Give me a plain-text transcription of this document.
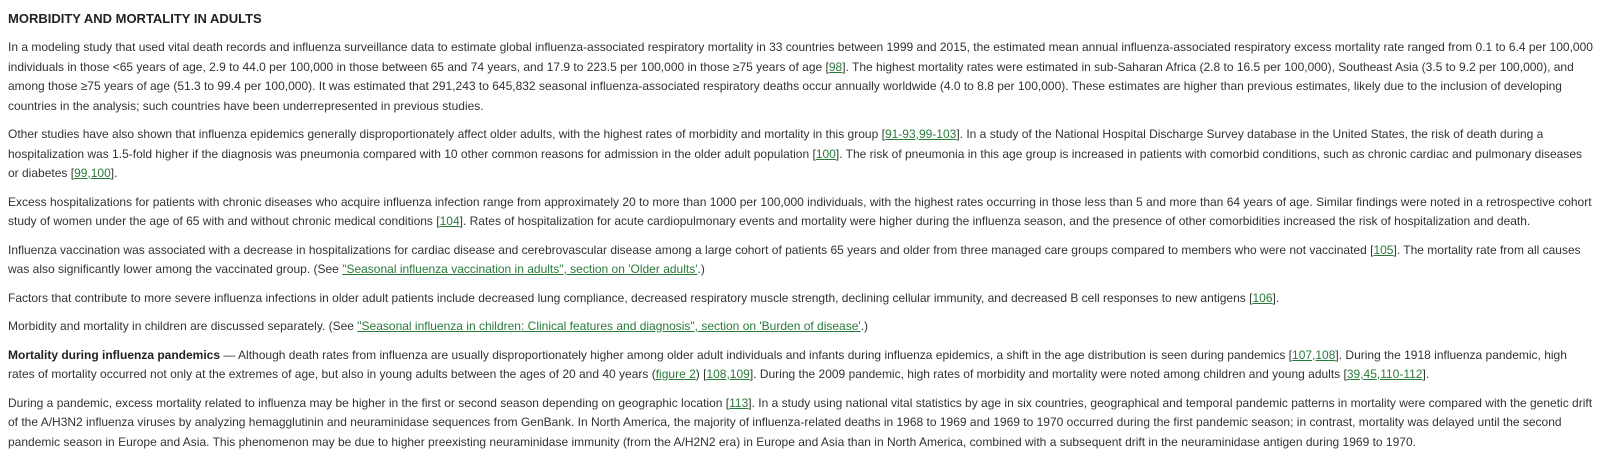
MORBIDITY AND MORTALITY IN ADULTS

In a modeling study that used vital death records and influenza surveillance data to estimate global influenza-associated respiratory mortality in 33 countries between 1999 and 2015, the estimated mean annual influenza-associated respiratory excess mortality rate ranged from 0.1 to 6.4 per 100,000 individuals in those <65 years of age, 2.9 to 44.0 per 100,000 in those between 65 and 74 years, and 17.9 to 223.5 per 100,000 in those ≥75 years of age [98]. The highest mortality rates were estimated in sub-Saharan Africa (2.8 to 16.5 per 100,000), Southeast Asia (3.5 to 9.2 per 100,000), and among those ≥75 years of age (51.3 to 99.4 per 100,000). It was estimated that 291,243 to 645,832 seasonal influenza-associated respiratory deaths occur annually worldwide (4.0 to 8.8 per 100,000). These estimates are higher than previous estimates, likely due to the inclusion of developing countries in the analysis; such countries have been underrepresented in previous studies.

Other studies have also shown that influenza epidemics generally disproportionately affect older adults, with the highest rates of morbidity and mortality in this group [91-93,99-103]. In a study of the National Hospital Discharge Survey database in the United States, the risk of death during a hospitalization was 1.5-fold higher if the diagnosis was pneumonia compared with 10 other common reasons for admission in the older adult population [100]. The risk of pneumonia in this age group is increased in patients with comorbid conditions, such as chronic cardiac and pulmonary diseases or diabetes [99,100].

Excess hospitalizations for patients with chronic diseases who acquire influenza infection range from approximately 20 to more than 1000 per 100,000 individuals, with the highest rates occurring in those less than 5 and more than 64 years of age. Similar findings were noted in a retrospective cohort study of women under the age of 65 with and without chronic medical conditions [104]. Rates of hospitalization for acute cardiopulmonary events and mortality were higher during the influenza season, and the presence of other comorbidities increased the risk of hospitalization and death.

Influenza vaccination was associated with a decrease in hospitalizations for cardiac disease and cerebrovascular disease among a large cohort of patients 65 years and older from three managed care groups compared to members who were not vaccinated [105]. The mortality rate from all causes was also significantly lower among the vaccinated group. (See "Seasonal influenza vaccination in adults", section on 'Older adults'.)

Factors that contribute to more severe influenza infections in older adult patients include decreased lung compliance, decreased respiratory muscle strength, declining cellular immunity, and decreased B cell responses to new antigens [106].

Morbidity and mortality in children are discussed separately. (See "Seasonal influenza in children: Clinical features and diagnosis", section on 'Burden of disease'.)

Mortality during influenza pandemics — Although death rates from influenza are usually disproportionately higher among older adult individuals and infants during influenza epidemics, a shift in the age distribution is seen during pandemics [107,108]. During the 1918 influenza pandemic, high rates of mortality occurred not only at the extremes of age, but also in young adults between the ages of 20 and 40 years (figure 2) [108,109]. During the 2009 pandemic, high rates of morbidity and mortality were noted among children and young adults [39,45,110-112].

During a pandemic, excess mortality related to influenza may be higher in the first or second season depending on geographic location [113]. In a study using national vital statistics by age in six countries, geographical and temporal pandemic patterns in mortality were compared with the genetic drift of the A/H3N2 influenza viruses by analyzing hemagglutinin and neuraminidase sequences from GenBank. In North America, the majority of influenza-related deaths in 1968 to 1969 and 1969 to 1970 occurred during the first pandemic season; in contrast, mortality was delayed until the second pandemic season in Europe and Asia. This phenomenon may be due to higher preexisting neuraminidase immunity (from the A/H2N2 era) in Europe and Asia than in North America, combined with a subsequent drift in the neuraminidase antigen during 1969 to 1970.
